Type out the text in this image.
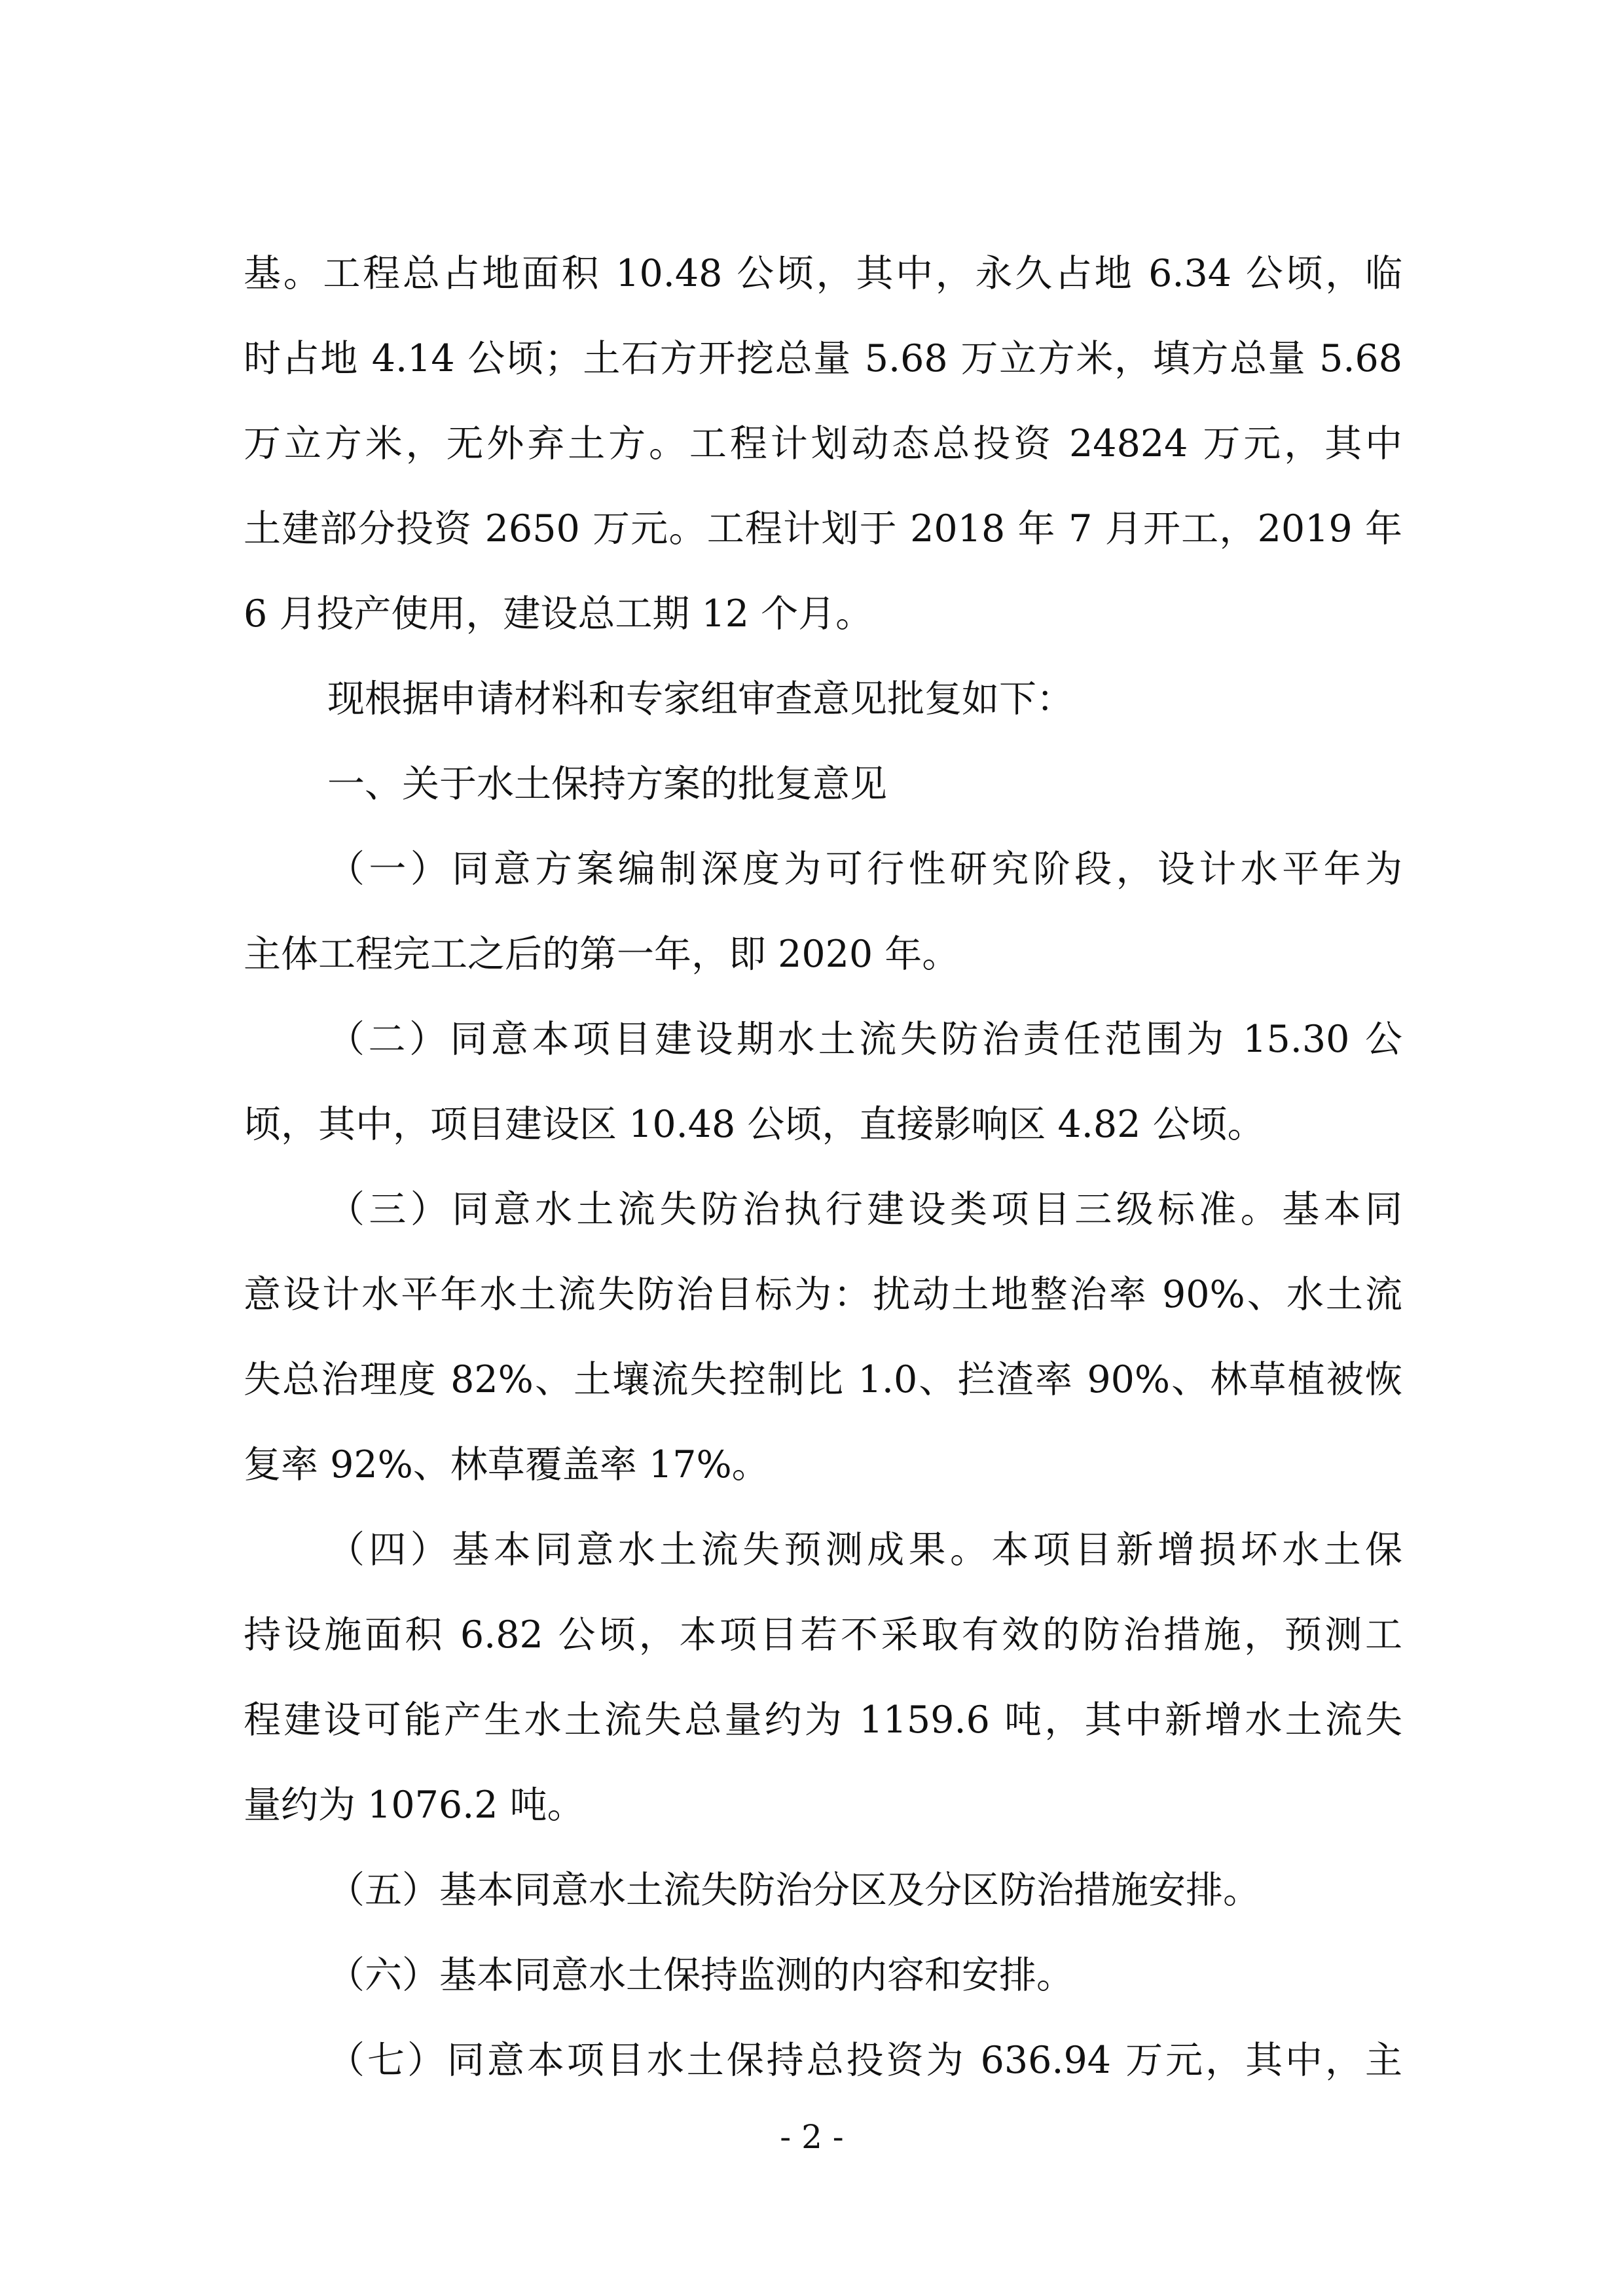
基。工程总占地面积 10.48 公顷，其中，永久占地 6.34 公顷，临
时占地 4.14 公顷；土石方开挖总量 5.68 万立方米，填方总量 5.68
万立方米，无外弃土方。工程计划动态总投资 24824 万元，其中
土建部分投资 2650 万元。工程计划于 2018 年 7 月开工，2019 年
6 月投产使用，建设总工期 12 个月。
现根据申请材料和专家组审查意见批复如下：
一、关于水土保持方案的批复意见
（一）同意方案编制深度为可行性研究阶段，设计水平年为
主体工程完工之后的第一年，即 2020 年。
（二）同意本项目建设期水土流失防治责任范围为 15.30 公
顷，其中，项目建设区 10.48 公顷，直接影响区 4.82 公顷。
（三）同意水土流失防治执行建设类项目三级标准。基本同
意设计水平年水土流失防治目标为：扰动土地整治率 90%、水土流
失总治理度 82%、土壤流失控制比 1.0、拦渣率 90%、林草植被恢
复率 92%、林草覆盖率 17%。
（四）基本同意水土流失预测成果。本项目新增损坏水土保
持设施面积 6.82 公顷，本项目若不采取有效的防治措施，预测工
程建设可能产生水土流失总量约为 1159.6 吨，其中新增水土流失
量约为 1076.2 吨。
（五）基本同意水土流失防治分区及分区防治措施安排。
（六）基本同意水土保持监测的内容和安排。
（七）同意本项目水土保持总投资为 636.94 万元，其中，主
- 2 -
